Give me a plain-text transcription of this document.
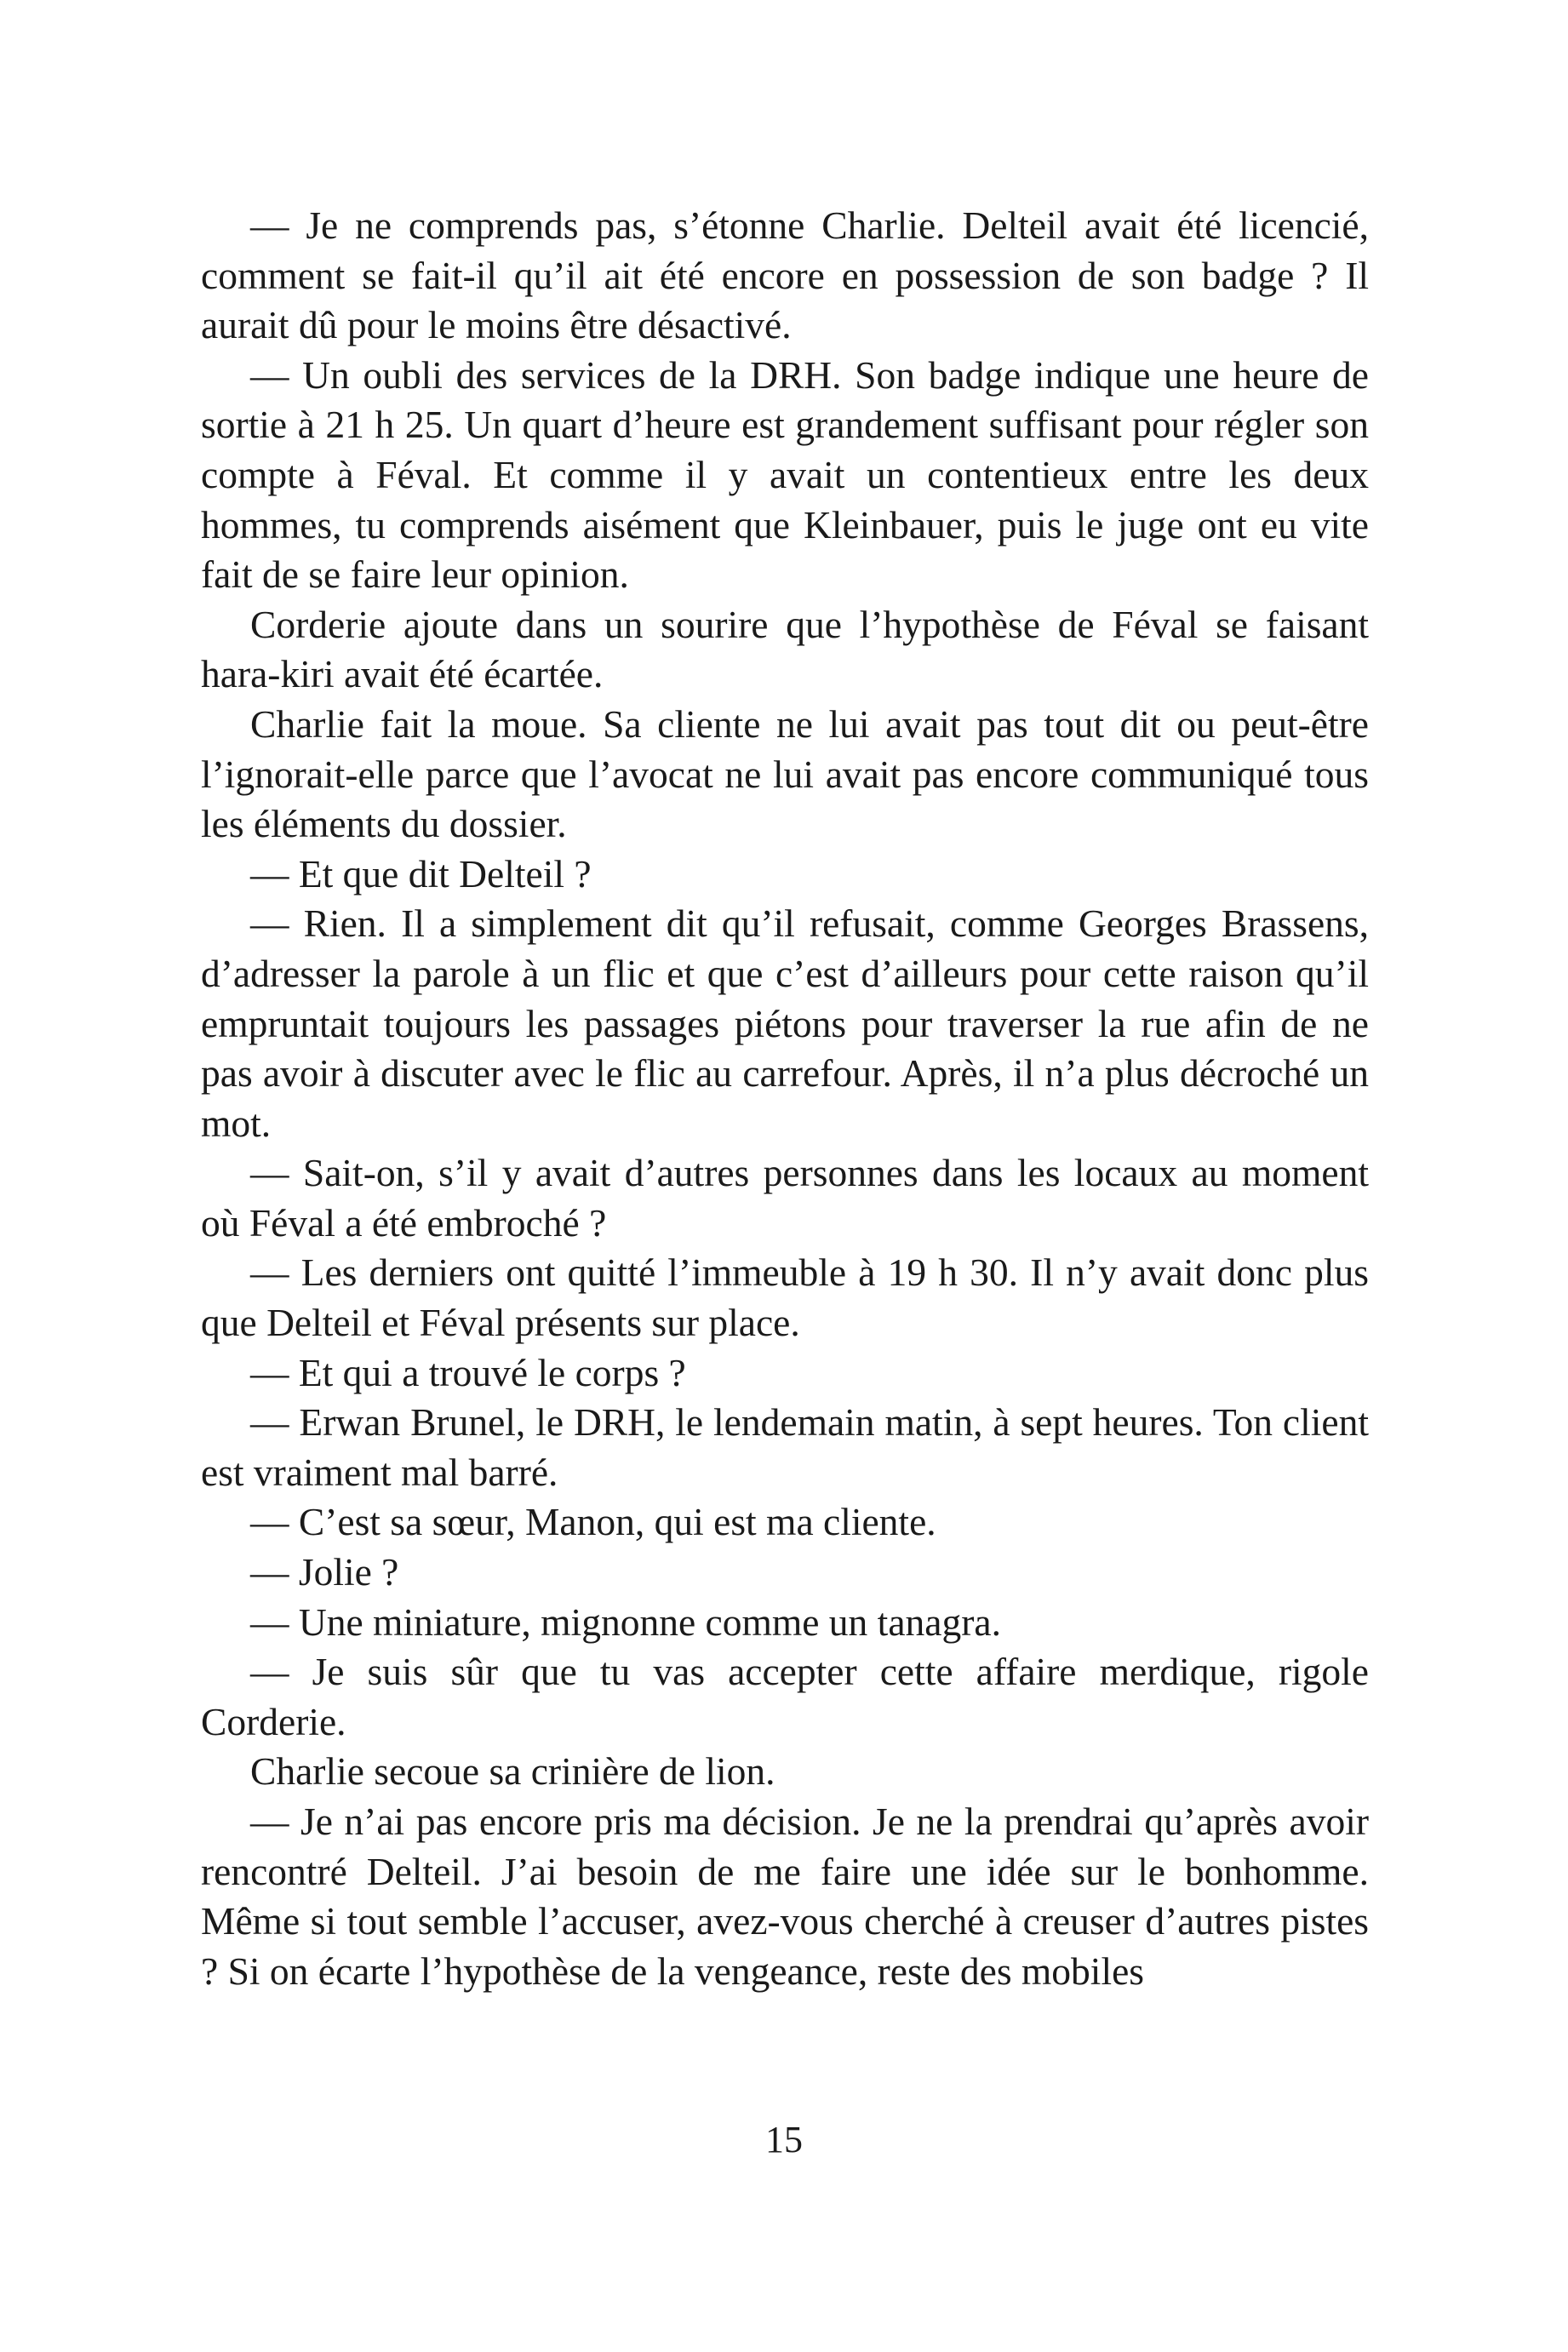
— Je ne comprends pas, s’étonne Charlie. Delteil avait été licencié, comment se fait-il qu’il ait été encore en possession de son badge ? Il aurait dû pour le moins être désactivé.

— Un oubli des services de la DRH. Son badge indique une heure de sortie à 21 h 25. Un quart d’heure est grandement suffisant pour régler son compte à Féval. Et comme il y avait un contentieux entre les deux hommes, tu comprends aisément que Kleinbauer, puis le juge ont eu vite fait de se faire leur opinion.

Corderie ajoute dans un sourire que l’hypothèse de Féval se faisant hara-kiri avait été écartée.

Charlie fait la moue. Sa cliente ne lui avait pas tout dit ou peut-être l’ignorait-elle parce que l’avocat ne lui avait pas encore communiqué tous les éléments du dossier.

— Et que dit Delteil ?

— Rien. Il a simplement dit qu’il refusait, comme Georges Brassens, d’adresser la parole à un flic et que c’est d’ailleurs pour cette raison qu’il empruntait toujours les passages piétons pour traverser la rue afin de ne pas avoir à discuter avec le flic au carrefour. Après, il n’a plus décroché un mot.

— Sait-on, s’il y avait d’autres personnes dans les locaux au moment où Féval a été embroché ?

— Les derniers ont quitté l’immeuble à 19 h 30. Il n’y avait donc plus que Delteil et Féval présents sur place.

— Et qui a trouvé le corps ?

— Erwan Brunel, le DRH, le lendemain matin, à sept heures. Ton client est vraiment mal barré.

— C’est sa sœur, Manon, qui est ma cliente.

— Jolie ?

— Une miniature, mignonne comme un tanagra.

— Je suis sûr que tu vas accepter cette affaire merdique, rigole Corderie.

Charlie secoue sa crinière de lion.

— Je n’ai pas encore pris ma décision. Je ne la prendrai qu’après avoir rencontré Delteil. J’ai besoin de me faire une idée sur le bonhomme. Même si tout semble l’accuser, avez-vous cherché à creuser d’autres pistes ? Si on écarte l’hypothèse de la vengeance, reste des mobiles

15
